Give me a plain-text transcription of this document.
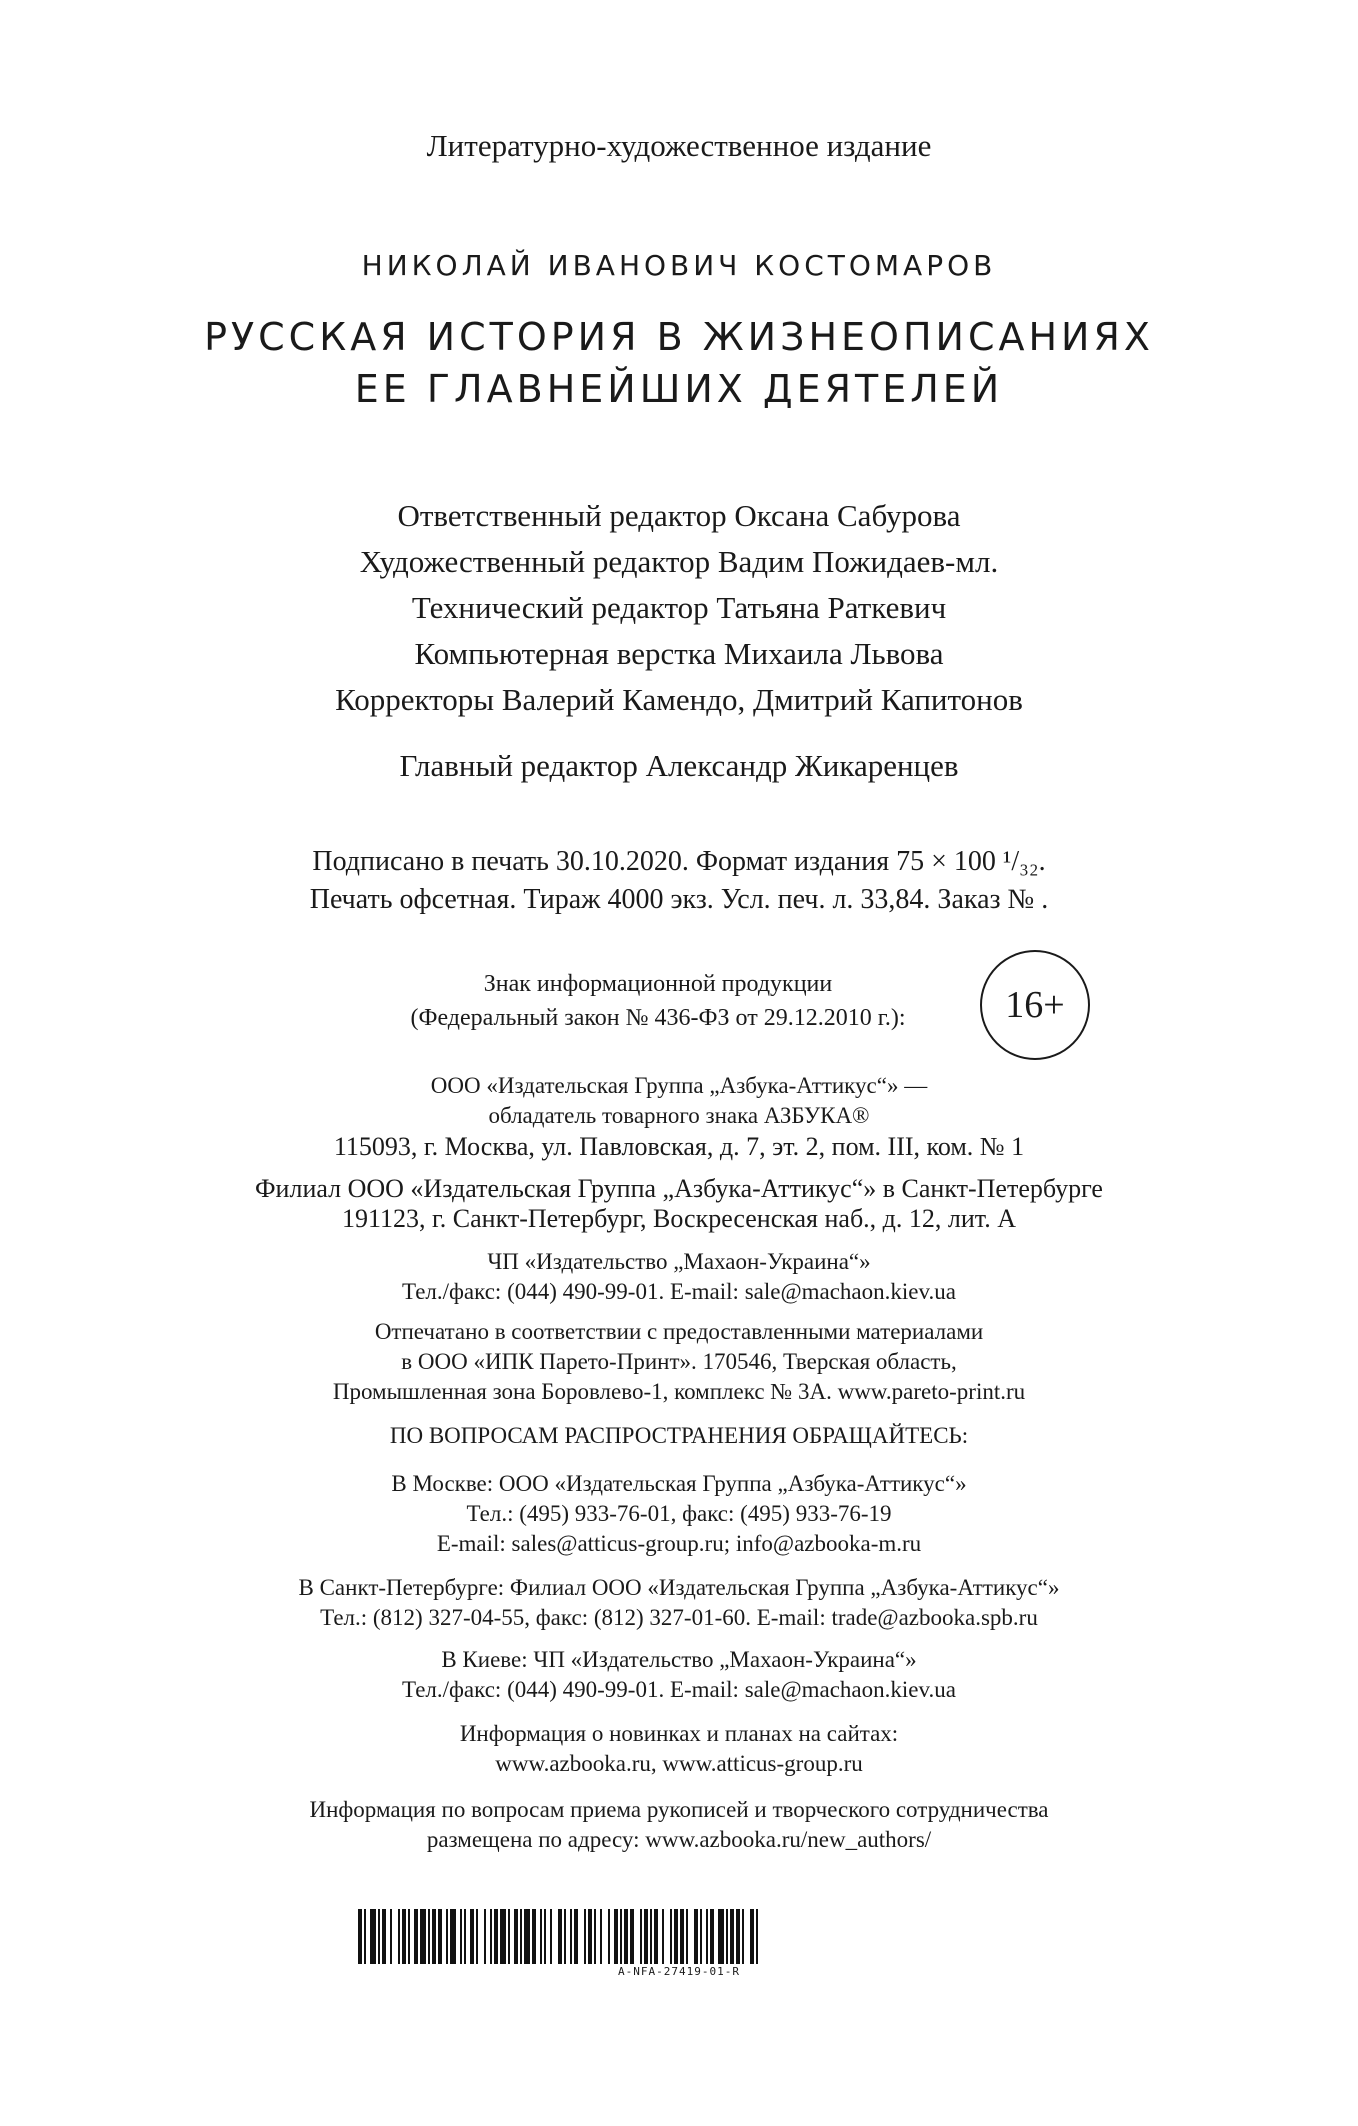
Литературно-художественное издание
НИКОЛАЙ ИВАНОВИЧ КОСТОМАРОВ
РУССКАЯ ИСТОРИЯ В ЖИЗНЕОПИСАНИЯХ
ЕЕ ГЛАВНЕЙШИХ ДЕЯТЕЛЕЙ
Ответственный редактор Оксана Сабурова
Художественный редактор Вадим Пожидаев-мл.
Технический редактор Татьяна Раткевич
Компьютерная верстка Михаила Львова
Корректоры Валерий Камендо, Дмитрий Капитонов
Главный редактор Александр Жикаренцев
Подписано в печать 30.10.2020. Формат издания 75 × 100 ¹/₃₂.
Печать офсетная. Тираж 4000 экз. Усл. печ. л. 33,84. Заказ № .
Знак информационной продукции
(Федеральный закон № 436-ФЗ от 29.12.2010 г.):	16+
ООО «Издательская Группа „Азбука-Аттикус“» —
обладатель товарного знака АЗБУКА®
115093, г. Москва, ул. Павловская, д. 7, эт. 2, пом. III, ком. № 1
Филиал ООО «Издательская Группа „Азбука-Аттикус“» в Санкт-Петербурге
191123, г. Санкт-Петербург, Воскресенская наб., д. 12, лит. А
ЧП «Издательство „Махаон-Украина“»
Тел./факс: (044) 490-99-01. E-mail: sale@machaon.kiev.ua
Отпечатано в соответствии с предоставленными материалами
в ООО «ИПК Парето-Принт». 170546, Тверская область,
Промышленная зона Боровлево-1, комплекс № 3А. www.pareto-print.ru
ПО ВОПРОСАМ РАСПРОСТРАНЕНИЯ ОБРАЩАЙТЕСЬ:
В Москве: ООО «Издательская Группа „Азбука-Аттикус“»
Тел.: (495) 933-76-01, факс: (495) 933-76-19
E-mail: sales@atticus-group.ru; info@azbooka-m.ru
В Санкт-Петербурге: Филиал ООО «Издательская Группа „Азбука-Аттикус“»
Тел.: (812) 327-04-55, факс: (812) 327-01-60. E-mail: trade@azbooka.spb.ru
В Киеве: ЧП «Издательство „Махаон-Украина“»
Тел./факс: (044) 490-99-01. E-mail: sale@machaon.kiev.ua
Информация о новинках и планах на сайтах:
www.azbooka.ru, www.atticus-group.ru
Информация по вопросам приема рукописей и творческого сотрудничества
размещена по адресу: www.azbooka.ru/new_authors/
A-NFA-27419-01-R
